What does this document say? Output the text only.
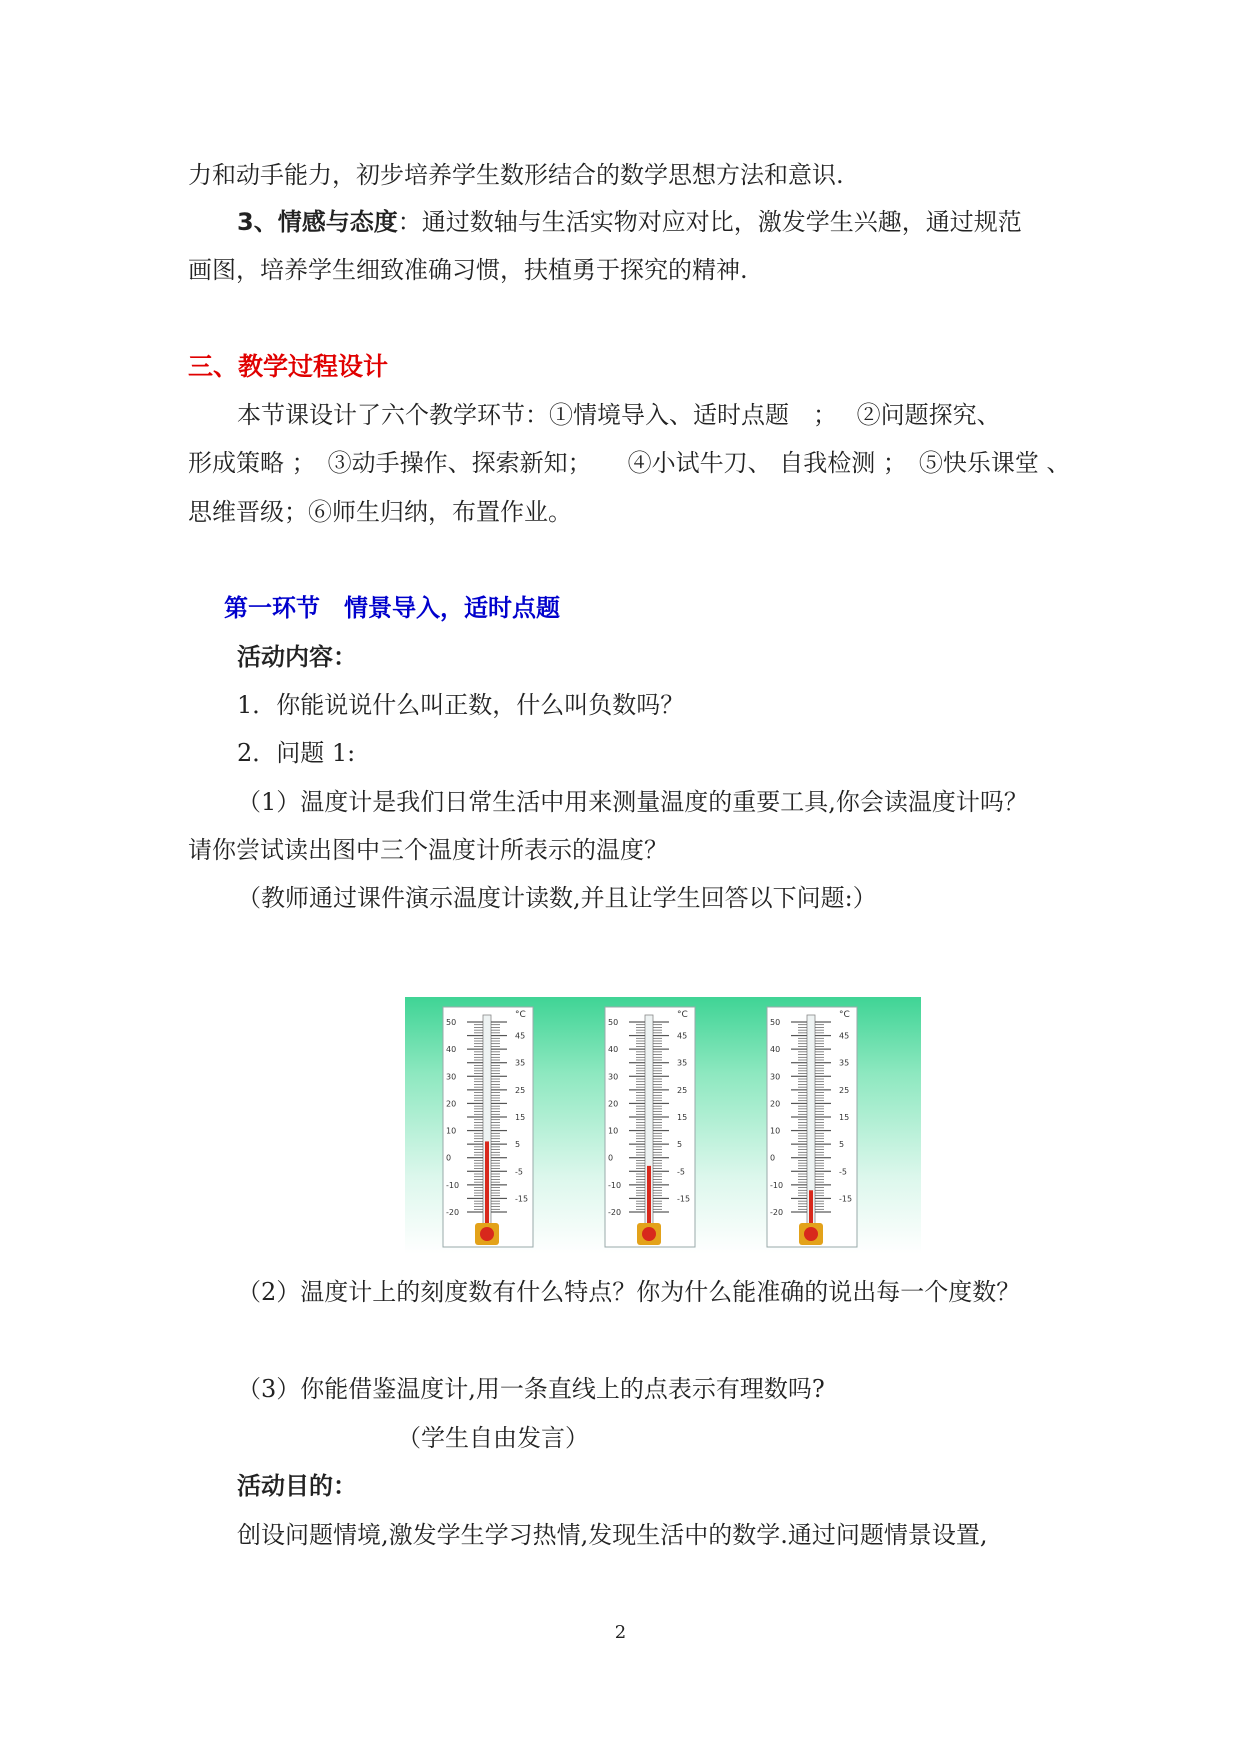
力和动手能力，初步培养学生数形结合的数学思想方法和意识.
3、情感与态度：通过数轴与生活实物对应对比，激发学生兴趣，通过规范
画图，培养学生细致准确习惯，扶植勇于探究的精神.
三、教学过程设计
本节课设计了六个教学环节：①情境导入、适时点题　；　 ②问题探究、
形成策略 ；　③动手操作、探索新知；　　④小试牛刀、 自我检测 ；　⑤快乐课堂 、
思维晋级；⑥师生归纳，布置作业。
第一环节　情景导入，适时点题
活动内容：
1．你能说说什么叫正数，什么叫负数吗？
2．问题 1:
（1）温度计是我们日常生活中用来测量温度的重要工具,你会读温度计吗？
请你尝试读出图中三个温度计所表示的温度？
（教师通过课件演示温度计读数,并且让学生回答以下问题:）
50
40
30
20
10
0
-10
-20
45
35
25
15
5
-5
-15
°C
50
40
30
20
10
0
-10
-20
45
35
25
15
5
-5
-15
°C
50
40
30
20
10
0
-10
-20
45
35
25
15
5
-5
-15
°C
（2）温度计上的刻度数有什么特点？你为什么能准确的说出每一个度数？
（3）你能借鉴温度计,用一条直线上的点表示有理数吗?
（学生自由发言）
活动目的：
创设问题情境,激发学生学习热情,发现生活中的数学.通过问题情景设置,
2
